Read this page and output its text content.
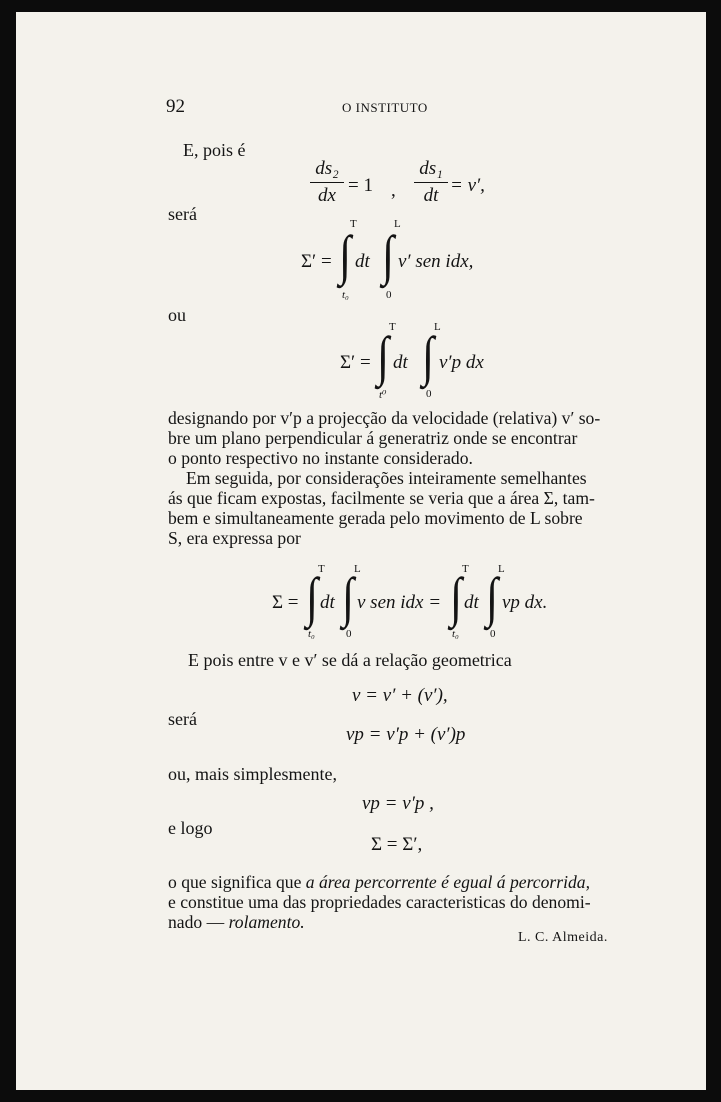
92	O INSTITUTO
E, pois é
ds₂
dx = 1 ,
ds₁
dt = v′,
será
Σ′ =
T
∫
t₀
dt
L
∫
0
v′ sen idx,
ou
Σ′ =
T
∫
t⁰
dt
L
∫
0
v′p dx

designando por v′p a projecção da velocidade (relativa) v′ so-

bre um plano perpendicular á generatriz onde se encontrar

o ponto respectivo no instante considerado.

Em seguida, por considerações inteiramente semelhantes

ás que ficam expostas, facilmente se veria que a área Σ, tam-

bem e simultaneamente gerada pelo movimento de L sobre

S, era expressa por

Σ =
T
∫
t₀
dt
L
∫
0
v sen idx =
T
∫
t₀
dt
L
∫
0
vp dx.
E pois entre v e v′ se dá a relação geometrica
v = v′ + (v′),
será
vp = v′p + (v′)p
ou, mais simplesmente,
vp = v′p ,
e logo
Σ = Σ′,

o que significa que a área percorrente é egual á percorrida,

e constitue uma das propriedades caracteristicas do denomi-

nado — rolamento.

L. C. Almeida.
